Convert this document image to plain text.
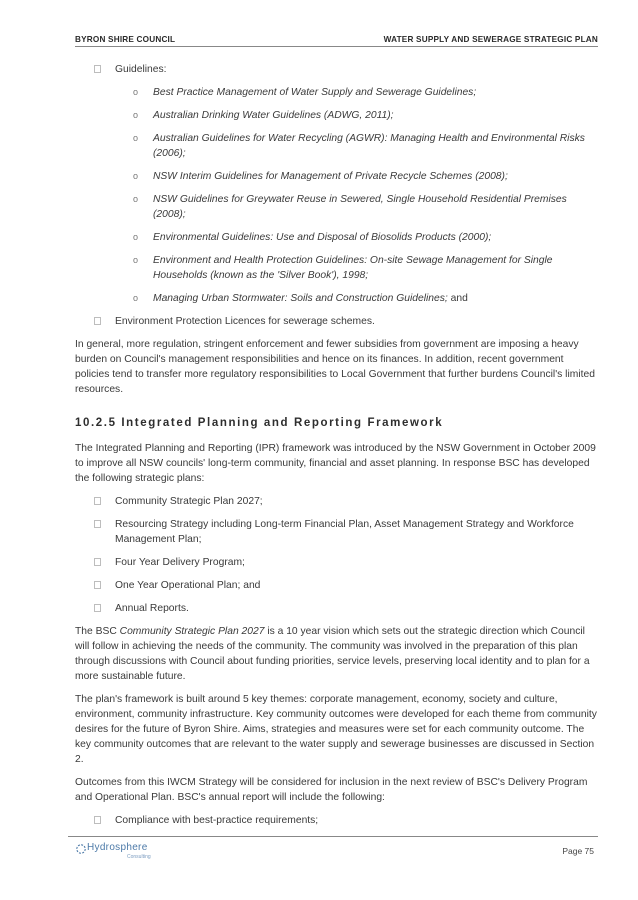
BYRON SHIRE COUNCIL	WATER SUPPLY AND SEWERAGE STRATEGIC PLAN
Guidelines:
o Best Practice Management of Water Supply and Sewerage Guidelines;
o Australian Drinking Water Guidelines (ADWG, 2011);
o Australian Guidelines for Water Recycling (AGWR): Managing Health and Environmental Risks (2006);
o NSW Interim Guidelines for Management of Private Recycle Schemes (2008);
o NSW Guidelines for Greywater Reuse in Sewered, Single Household Residential Premises (2008);
o Environmental Guidelines: Use and Disposal of Biosolids Products (2000);
o Environment and Health Protection Guidelines: On-site Sewage Management for Single Households (known as the 'Silver Book'), 1998;
o Managing Urban Stormwater: Soils and Construction Guidelines; and
Environment Protection Licences for sewerage schemes.

In general, more regulation, stringent enforcement and fewer subsidies from government are imposing a heavy burden on Council's management responsibilities and hence on its finances. In addition, recent government policies tend to transfer more regulatory responsibilities to Local Government that further burdens Council's limited resources.

10.2.5 Integrated Planning and Reporting Framework

The Integrated Planning and Reporting (IPR) framework was introduced by the NSW Government in October 2009 to improve all NSW councils' long-term community, financial and asset planning. In response BSC has developed the following strategic plans:

Community Strategic Plan 2027;
Resourcing Strategy including Long-term Financial Plan, Asset Management Strategy and Workforce Management Plan;
Four Year Delivery Program;
One Year Operational Plan; and
Annual Reports.

The BSC Community Strategic Plan 2027 is a 10 year vision which sets out the strategic direction which Council will follow in achieving the needs of the community. The community was involved in the preparation of this plan through discussions with Council about funding priorities, service levels, preserving local identity and to plan for a more sustainable future.

The plan's framework is built around 5 key themes: corporate management, economy, society and culture, environment, community infrastructure. Key community outcomes were developed for each theme from community desires for the future of Byron Shire. Aims, strategies and measures were set for each community outcome. The key community outcomes that are relevant to the water supply and sewerage businesses are discussed in Section 2.

Outcomes from this IWCM Strategy will be considered for inclusion in the next review of BSC's Delivery Program and Operational Plan. BSC's annual report will include the following:

Compliance with best-practice requirements;
Hydrosphere
Consulting
Page 75
